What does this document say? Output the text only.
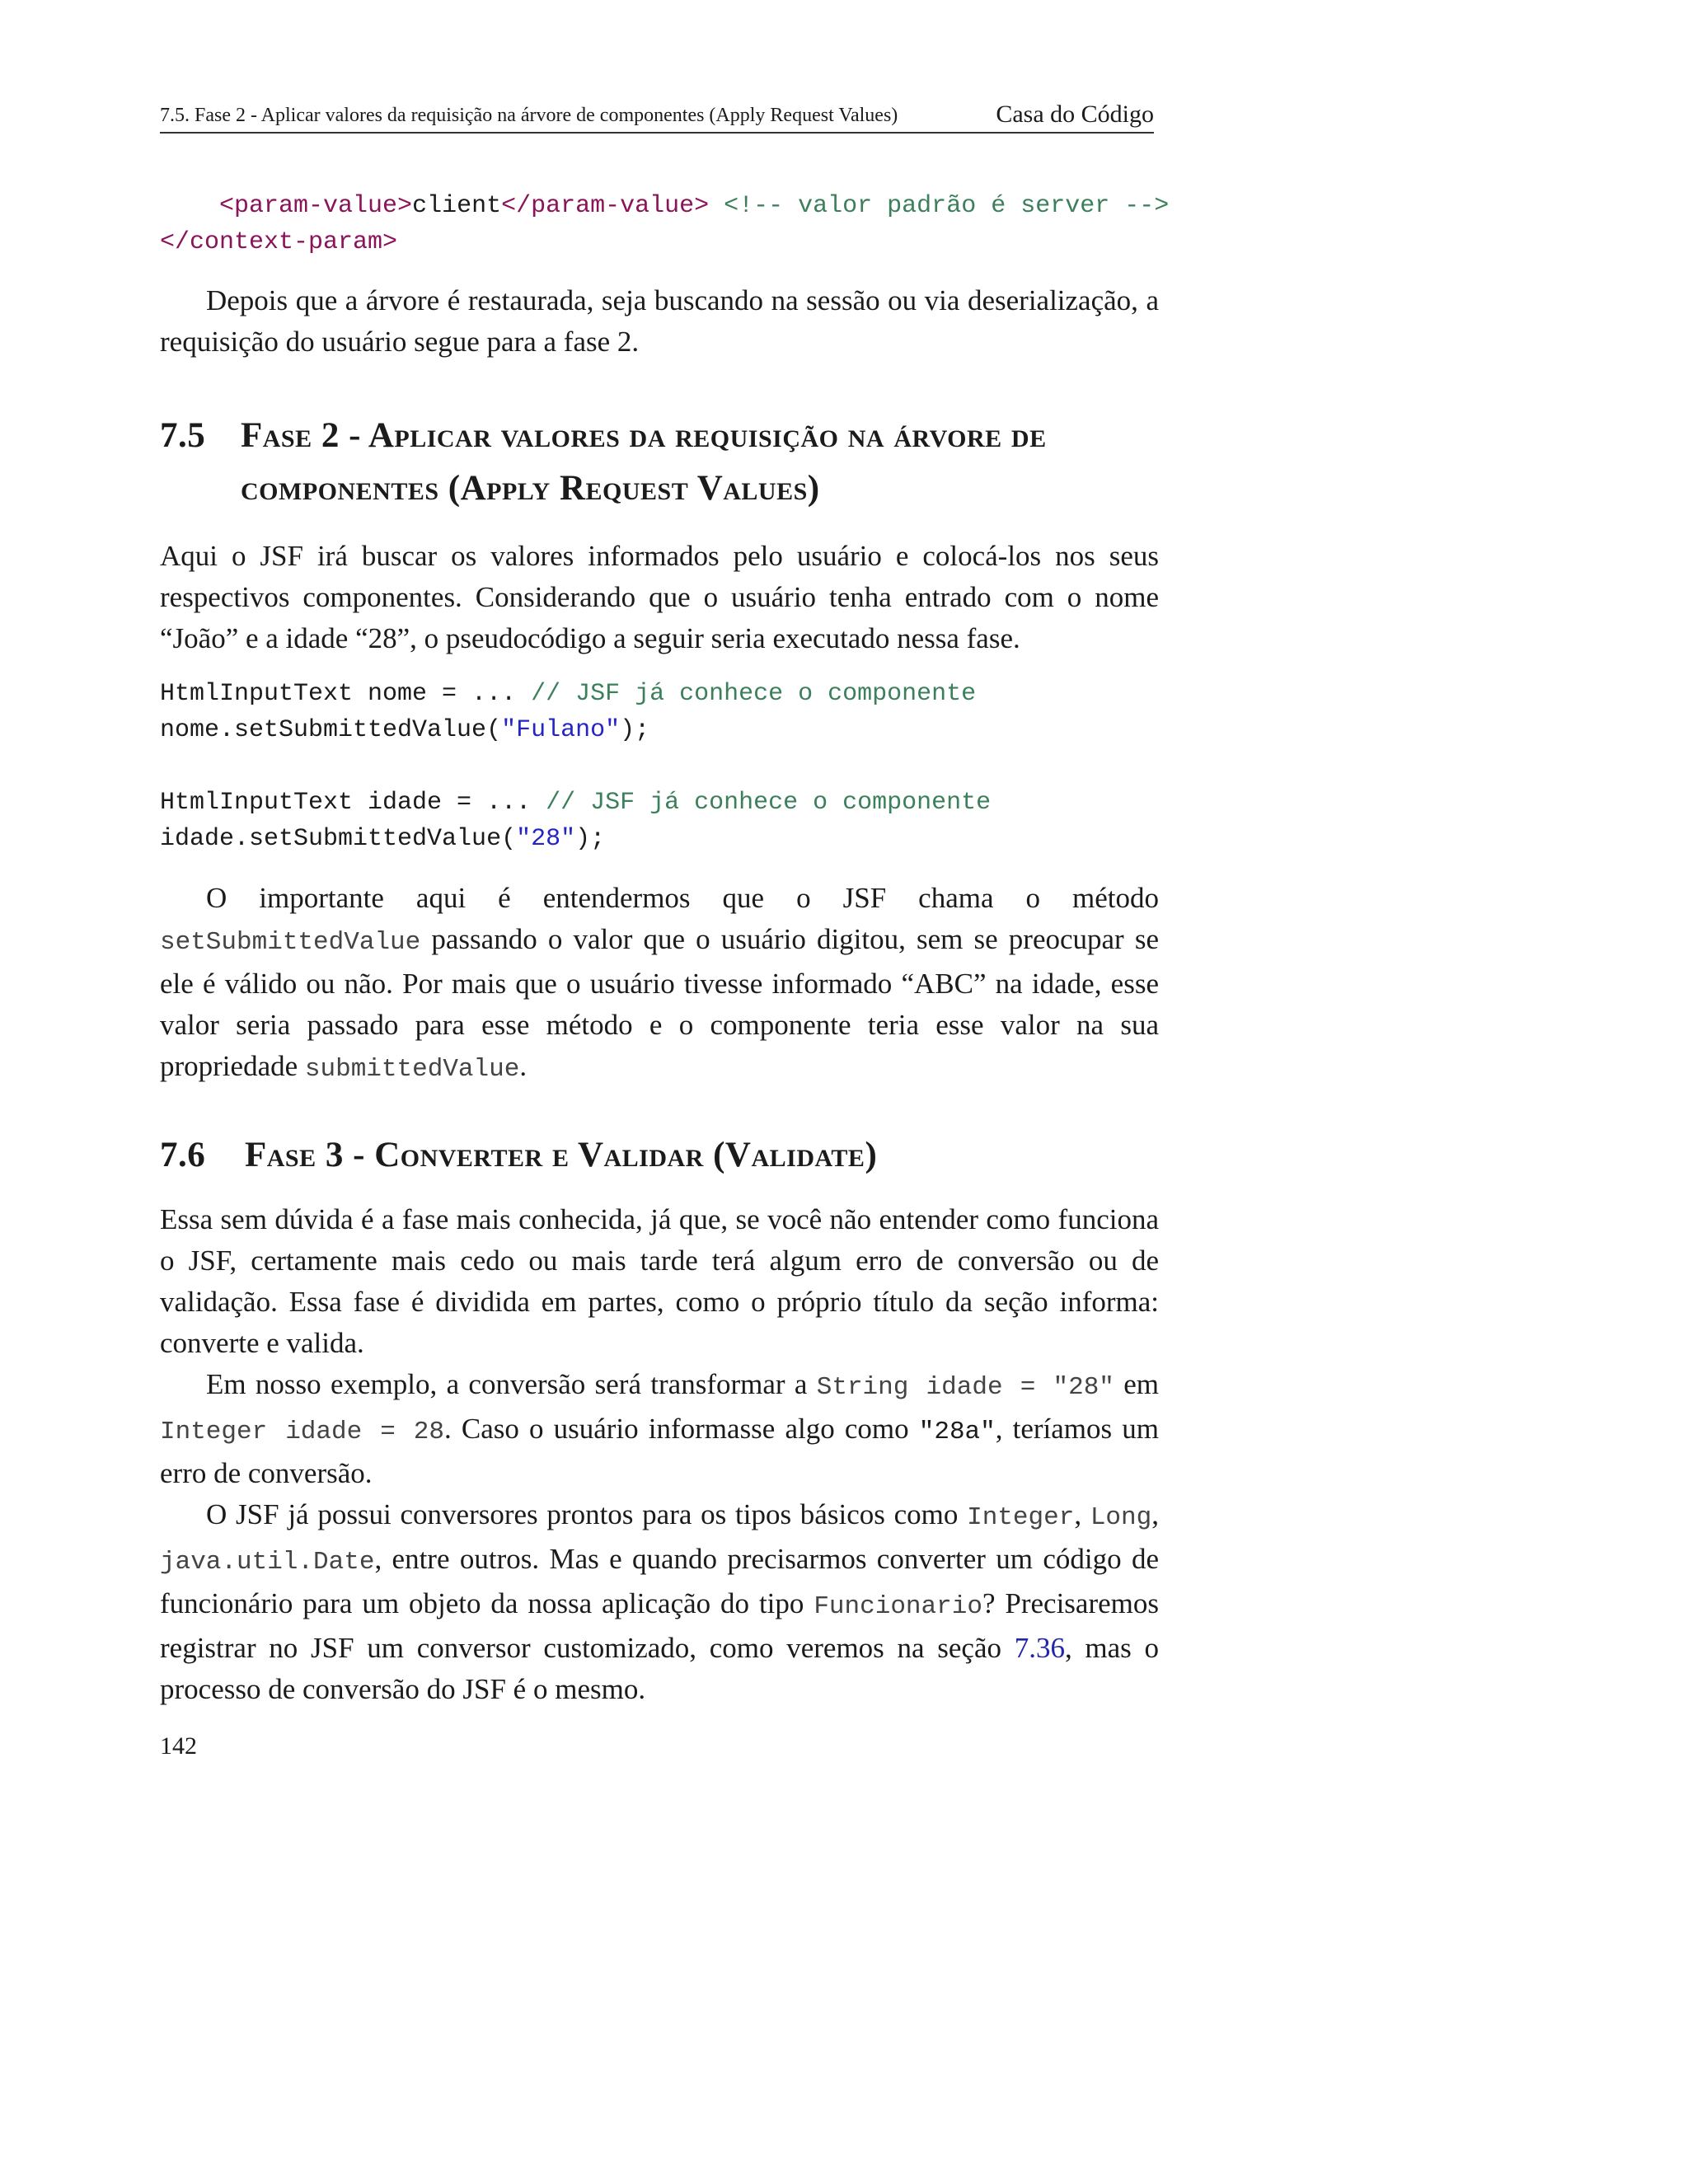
7.5. Fase 2 - Aplicar valores da requisição na árvore de componentes (Apply Request Values)	Casa do Código
<param-value>client</param-value> <!-- valor padrão é server -->
</context-param>

Depois que a árvore é restaurada, seja buscando na sessão ou via deserialização, a requisição do usuário segue para a fase 2.

7.5 Fase 2 - Aplicar valores da requisição na árvore de componentes (Apply Request Values)

Aqui o JSF irá buscar os valores informados pelo usuário e colocá-los nos seus respectivos componentes. Considerando que o usuário tenha entrado com o nome “João” e a idade “28”, o pseudocódigo a seguir seria executado nessa fase.

HtmlInputText nome = ... // JSF já conhece o componente
nome.setSubmittedValue("Fulano");

HtmlInputText idade = ... // JSF já conhece o componente
idade.setSubmittedValue("28");

O importante aqui é entendermos que o JSF chama o método setSubmittedValue passando o valor que o usuário digitou, sem se preocupar se ele é válido ou não. Por mais que o usuário tivesse informado “ABC” na idade, esse valor seria passado para esse método e o componente teria esse valor na sua propriedade submittedValue.

7.6 Fase 3 - Converter e Validar (Validate)

Essa sem dúvida é a fase mais conhecida, já que, se você não entender como funciona o JSF, certamente mais cedo ou mais tarde terá algum erro de conversão ou de validação. Essa fase é dividida em partes, como o próprio título da seção informa: converte e valida.

Em nosso exemplo, a conversão será transformar a String idade = "28" em Integer idade = 28. Caso o usuário informasse algo como "28a", teríamos um erro de conversão.

O JSF já possui conversores prontos para os tipos básicos como Integer, Long, java.util.Date, entre outros. Mas e quando precisarmos converter um código de funcionário para um objeto da nossa aplicação do tipo Funcionario? Precisaremos registrar no JSF um conversor customizado, como veremos na seção 7.36, mas o processo de conversão do JSF é o mesmo.

142
